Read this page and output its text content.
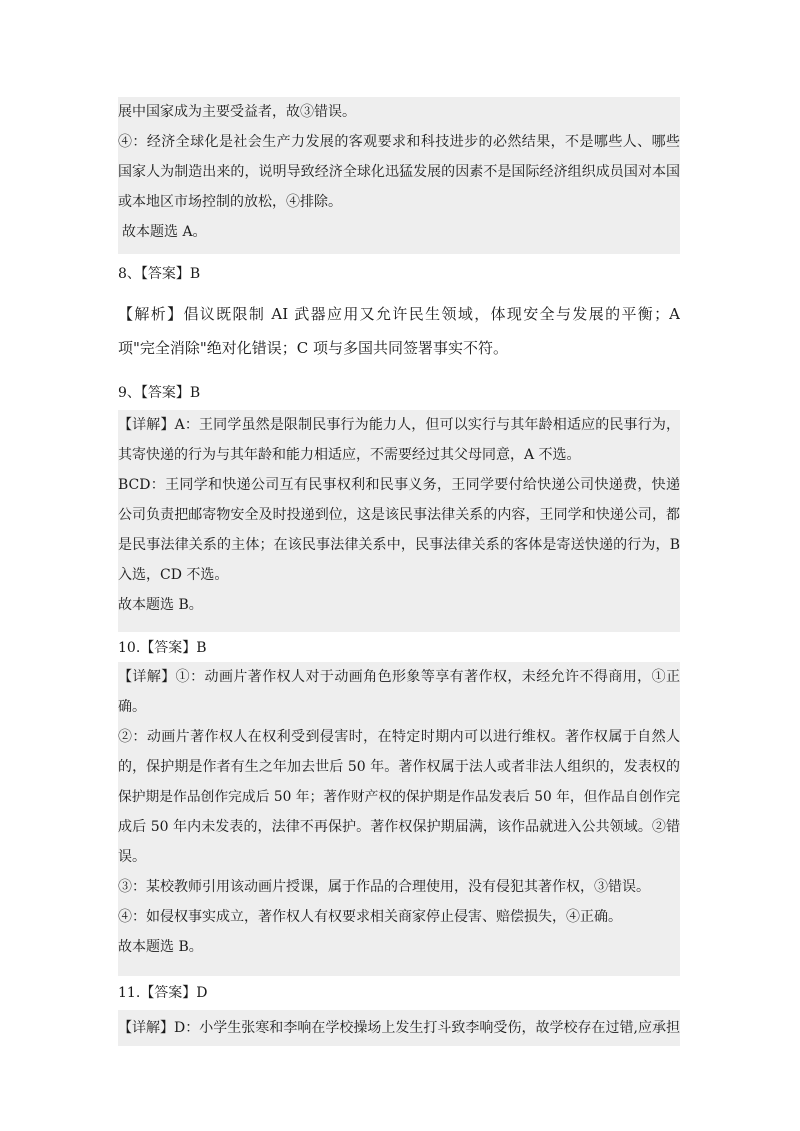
展中国家成为主要受益者，故③错误。
④：经济全球化是社会生产力发展的客观要求和科技进步的必然结果，不是哪些人、哪些
国家人为制造出来的，说明导致经济全球化迅猛发展的因素不是国际经济组织成员国对本国
或本地区市场控制的放松，④排除。
故本题选 A。
8、【答案】B
【解析】倡议既限制 AI 武器应用又允许民生领域，体现安全与发展的平衡；A
项"完全消除"绝对化错误；C 项与多国共同签署事实不符。
9、【答案】B
【详解】A：王同学虽然是限制民事行为能力人，但可以实行与其年龄相适应的民事行为，
其寄快递的行为与其年龄和能力相适应，不需要经过其父母同意，A 不选。
BCD：王同学和快递公司互有民事权利和民事义务，王同学要付给快递公司快递费，快递
公司负责把邮寄物安全及时投递到位，这是该民事法律关系的内容，王同学和快递公司，都
是民事法律关系的主体；在该民事法律关系中，民事法律关系的客体是寄送快递的行为，B
入选，CD 不选。
故本题选 B。
10.【答案】B
【详解】①：动画片著作权人对于动画角色形象等享有著作权，未经允许不得商用，①正
确。
②：动画片著作权人在权利受到侵害时，在特定时期内可以进行维权。著作权属于自然人
的，保护期是作者有生之年加去世后 50 年。著作权属于法人或者非法人组织的，发表权的
保护期是作品创作完成后 50 年；著作财产权的保护期是作品发表后 50 年，但作品自创作完
成后 50 年内未发表的，法律不再保护。著作权保护期届满，该作品就进入公共领域。②错
误。
③：某校教师引用该动画片授课，属于作品的合理使用，没有侵犯其著作权，③错误。
④：如侵权事实成立，著作权人有权要求相关商家停止侵害、赔偿损失，④正确。
故本题选 B。
11.【答案】D
【详解】D：小学生张寒和李响在学校操场上发生打斗致李响受伤，故学校存在过错,应承担
